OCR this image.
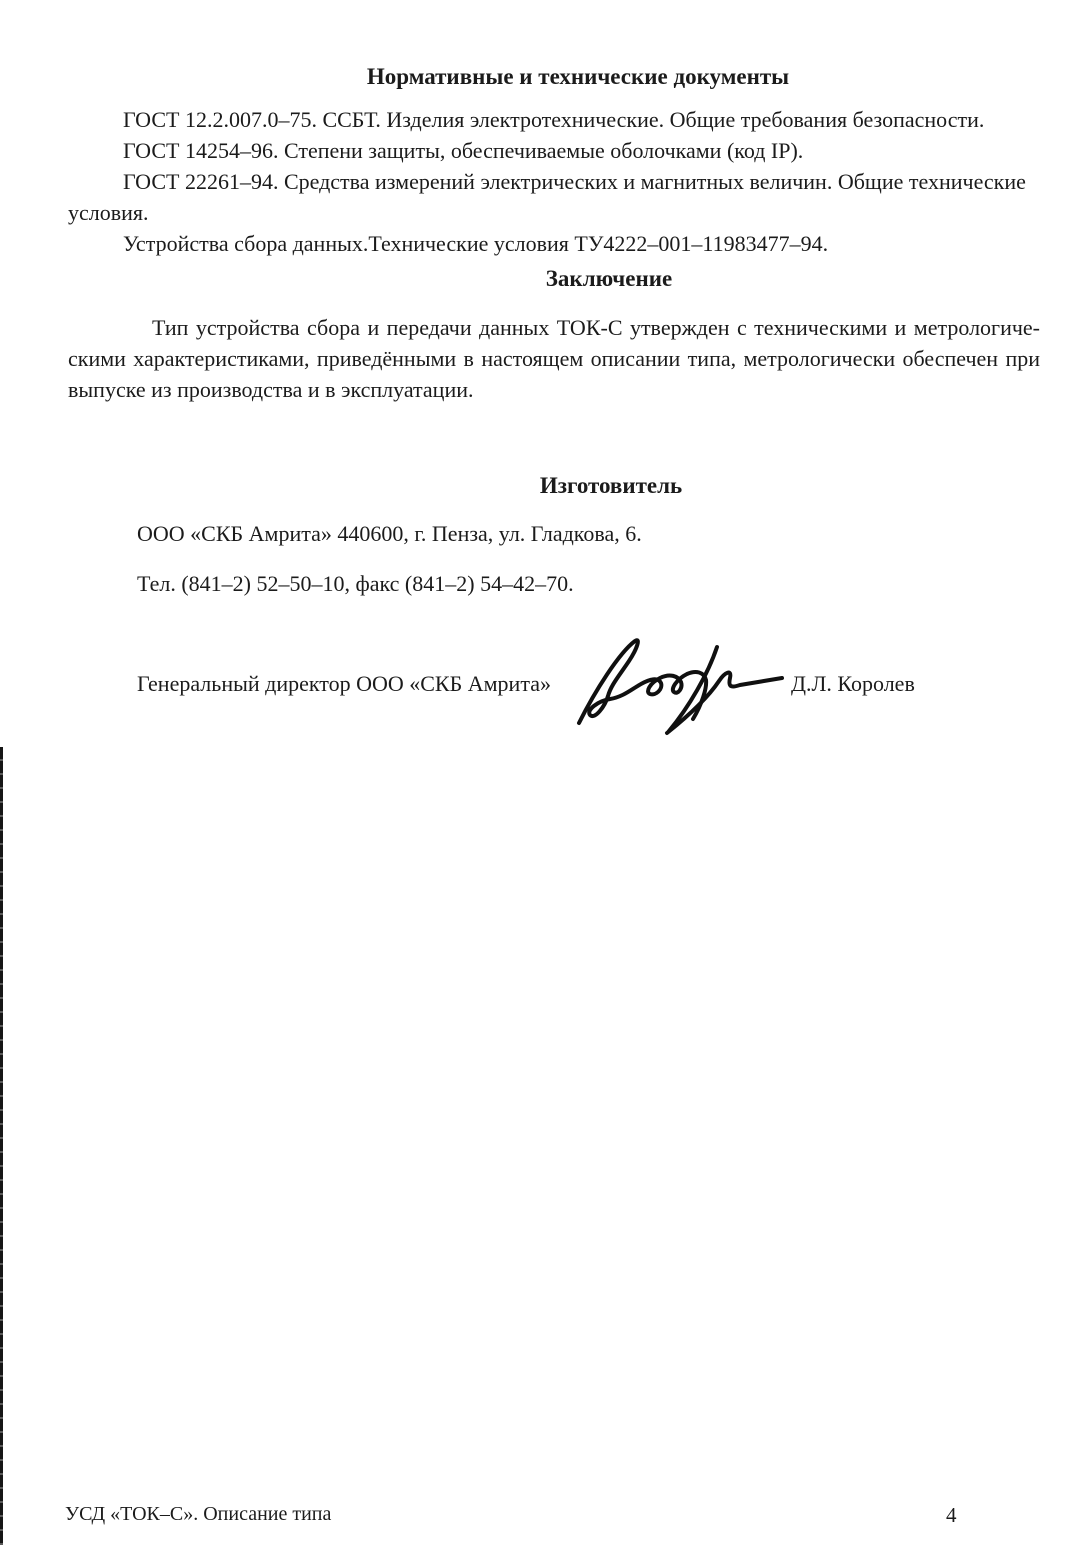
Нормативные и технические документы
ГОСТ 12.2.007.0–75. ССБТ. Изделия электротехнические. Общие требования безопасности.
ГОСТ 14254–96. Степени защиты, обеспечиваемые оболочками (код IP).
ГОСТ 22261–94. Средства измерений электрических и магнитных величин. Общие технические
условия.
Устройства сбора данных.Технические условия ТУ4222–001–11983477–94.
Заключение
Тип устройства сбора и передачи данных ТОК-С утвержден с техническими и метрологиче-
скими характеристиками, приведёнными в настоящем описании типа, метрологически обеспечен при
выпуске из производства и в эксплуатации.
Изготовитель
ООО «СКБ Амрита» 440600, г. Пенза, ул. Гладкова, 6.
Тел. (841–2) 52–50–10, факс (841–2) 54–42–70.
Генеральный директор ООО «СКБ Амрита»	Д.Л. Королев
УСД «ТОК–С». Описание типа	4
